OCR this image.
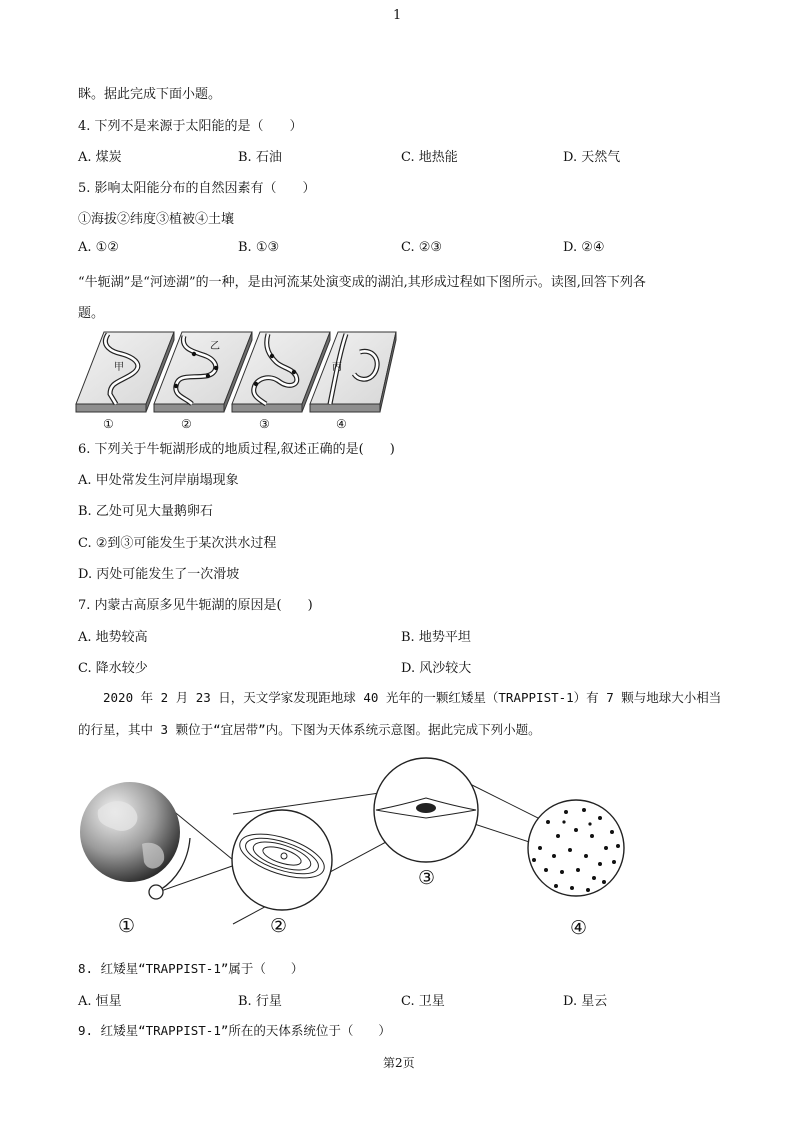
1
眯。据此完成下面小题。
4. 下列不是来源于太阳能的是（　　）
A. 煤炭	B. 石油	C. 地热能	D. 天然气
5. 影响太阳能分布的自然因素有（　　）
①海拔②纬度③植被④土壤
A. ①②	B. ①③	C. ②③	D. ②④
“牛轭湖”是“河迹湖”的一种，是由河流某处演变成的湖泊,其形成过程如下图所示。读图,回答下列各
题。
甲
乙
丙
①	②	③	④
6. 下列关于牛轭湖形成的地质过程,叙述正确的是(　　)
A. 甲处常发生河岸崩塌现象
B. 乙处可见大量鹅卵石
C. ②到③可能发生于某次洪水过程
D. 丙处可能发生了一次滑坡
7. 内蒙古高原多见牛轭湖的原因是(　　)
A. 地势较高	B. 地势平坦
C. 降水较少	D. 风沙较大
2020 年 2 月 23 日，天文学家发现距地球 40 光年的一颗红矮星（TRAPPIST-1）有 7 颗与地球大小相当
的行星，其中 3 颗位于“宜居带”内。下图为天体系统示意图。据此完成下列小题。
①	②
③
④
8. 红矮星“TRAPPIST-1”属于（　　）
A. 恒星	B. 行星	C. 卫星	D. 星云
9. 红矮星“TRAPPIST-1”所在的天体系统位于（　　）
第2页
